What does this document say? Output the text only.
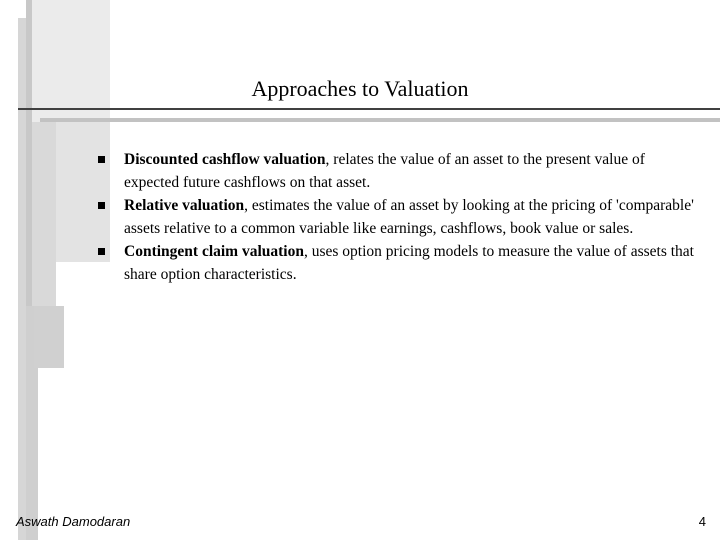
Approaches to Valuation
Discounted cashflow valuation, relates the value of an asset to the present value of expected future cashflows on that asset.
Relative valuation, estimates the value of an asset by looking at the pricing of 'comparable' assets relative to a common variable like earnings, cashflows, book value or sales.
Contingent claim valuation, uses option pricing models to measure the value of assets that share option characteristics.
Aswath Damodaran	4
